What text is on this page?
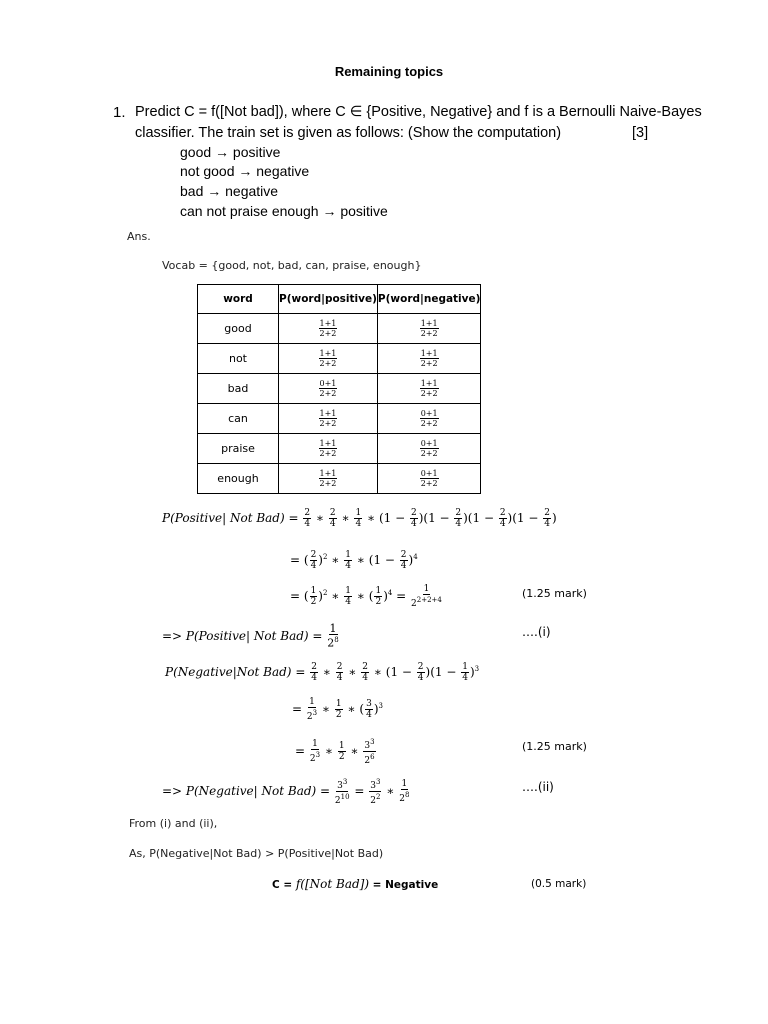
Remaining topics
1. Predict C = f([Not bad]), where C ∈ {Positive, Negative} and f is a Bernoulli Naive-Bayes
classifier. The train set is given as follows: (Show the computation)	[3]
good → positive
not good → negative
bad → negative
can not praise enough → positive
Ans.
Vocab = {good, not, bad, can, praise, enough}
word	P(word|positive)	P(word|negative)
good	$\frac{1+1}{2+2}$	$\frac{1+1}{2+2}$

not	$\frac{1+1}{2+2}$	$\frac{1+1}{2+2}$

bad	$\frac{0+1}{2+2}$	$\frac{1+1}{2+2}$

can	$\frac{1+1}{2+2}$	$\frac{0+1}{2+2}$

praise	$\frac{1+1}{2+2}$	$\frac{0+1}{2+2}$

enough	$\frac{1+1}{2+2}$	$\frac{0+1}{2+2}$
P(Positive| Not $Bad) = \frac{2}{4}$ ∗ $\frac{2}{4}$ ∗ $\frac{1}{4}$ ∗ $(1 - \frac{2}{4} )(1 - \frac{2}{4} )(1 - \frac{2}{4} )(1 - \frac{2}{4}$ )
= ( $\frac{2}{4} )^2$ ∗ $\frac{1}{4}$ ∗ $(1 - \frac{2}{4} )^4$
= ( $\frac{1}{2} )^2$ ∗ $\frac{1}{4}$ ∗ ( $\frac{1}{2} )^4 = \frac{1}{2^{2+2+4}}$	(1.25 mark)
=> P(Positive| Not $Bad) = \frac{1}{2^8}$	….(i)
P(Negative|Not $Bad) = \frac{2}{4}$ ∗ $\frac{2}{4}$ ∗ $\frac{2}{4}$ ∗ $(1 - \frac{2}{4} )(1 - \frac{1}{4} )^3$
= $\frac{1}{2^3}$ ∗ $\frac{1}{2}$ ∗ ( $\frac{3}{4} )^3$
= $\frac{1}{2^3}$ ∗ $\frac{1}{2}$ ∗ $\frac{3^3}{2^6}$	(1.25 mark)
=> P(Negative| Not $Bad) = \frac{3^3}{2^{10}} = \frac{3^3}{2^2}$ ∗ $\frac{1}{2^8}$	….(ii)
From (i) and (ii),
As, P(Negative|Not Bad) > P(Positive|Not Bad)
C = f([Not Bad]) = Negative	(0.5 mark)
